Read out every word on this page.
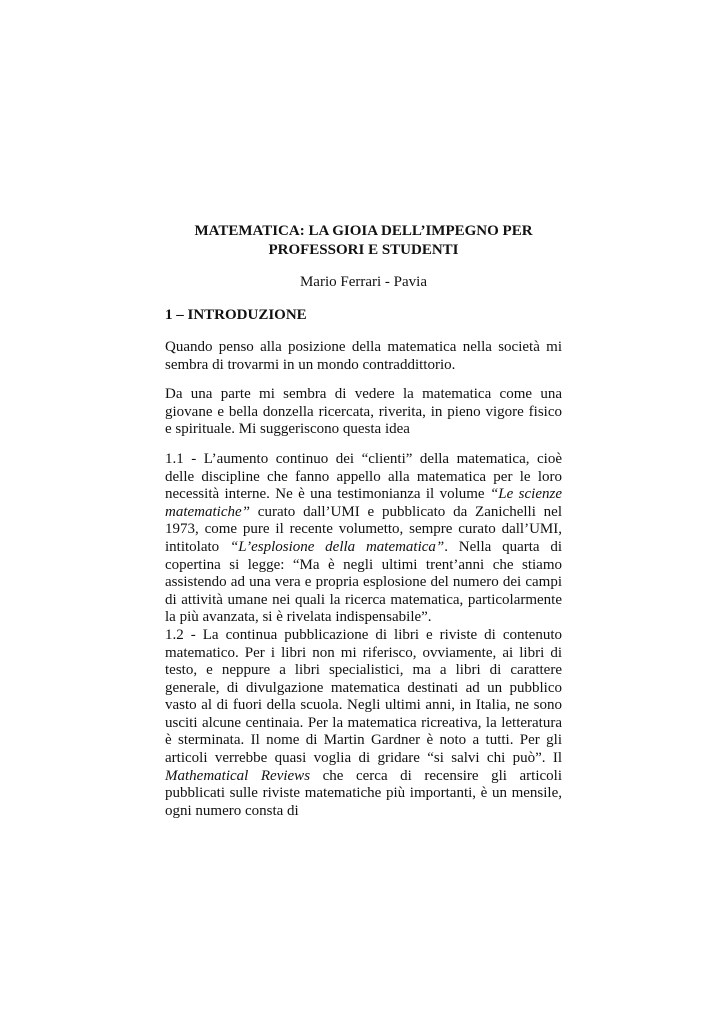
MATEMATICA: LA GIOIA DELL’IMPEGNO PER
PROFESSORI E STUDENTI
Mario Ferrari - Pavia
1 – INTRODUZIONE

Quando penso alla posizione della matematica nella società mi sembra di trovarmi in un mondo contraddittorio.

Da una parte mi sembra di vedere la matematica come una giovane e bella donzella ricercata, riverita, in pieno vigore fisico e spirituale. Mi suggeriscono questa idea

1.1 - L’aumento continuo dei “clienti” della matematica, cioè delle discipline che fanno appello alla matematica per le loro necessità interne. Ne è una testimonianza il volume “Le scienze matematiche” curato dall’UMI e pubblicato da Zanichelli nel 1973, come pure il recente volumetto, sempre curato dall’UMI, intitolato “L’esplosione della matematica”. Nella quarta di copertina si legge: “Ma è negli ultimi trent’anni che stiamo assistendo ad una vera e propria esplosione del numero dei campi di attività umane nei quali la ricerca matematica, particolarmente la più avanzata, si è rivelata indispensabile”.

1.2 - La continua pubblicazione di libri e riviste di contenuto matematico. Per i libri non mi riferisco, ovviamente, ai libri di testo, e neppure a libri specialistici, ma a libri di carattere generale, di divulgazione matematica destinati ad un pubblico vasto al di fuori della scuola. Negli ultimi anni, in Italia, ne sono usciti alcune centinaia. Per la matematica ricreativa, la letteratura è sterminata. Il nome di Martin Gardner è noto a tutti. Per gli articoli verrebbe quasi voglia di gridare “si salvi chi può”. Il Mathematical Reviews che cerca di recensire gli articoli pubblicati sulle riviste matematiche più importanti, è un mensile, ogni numero consta di
